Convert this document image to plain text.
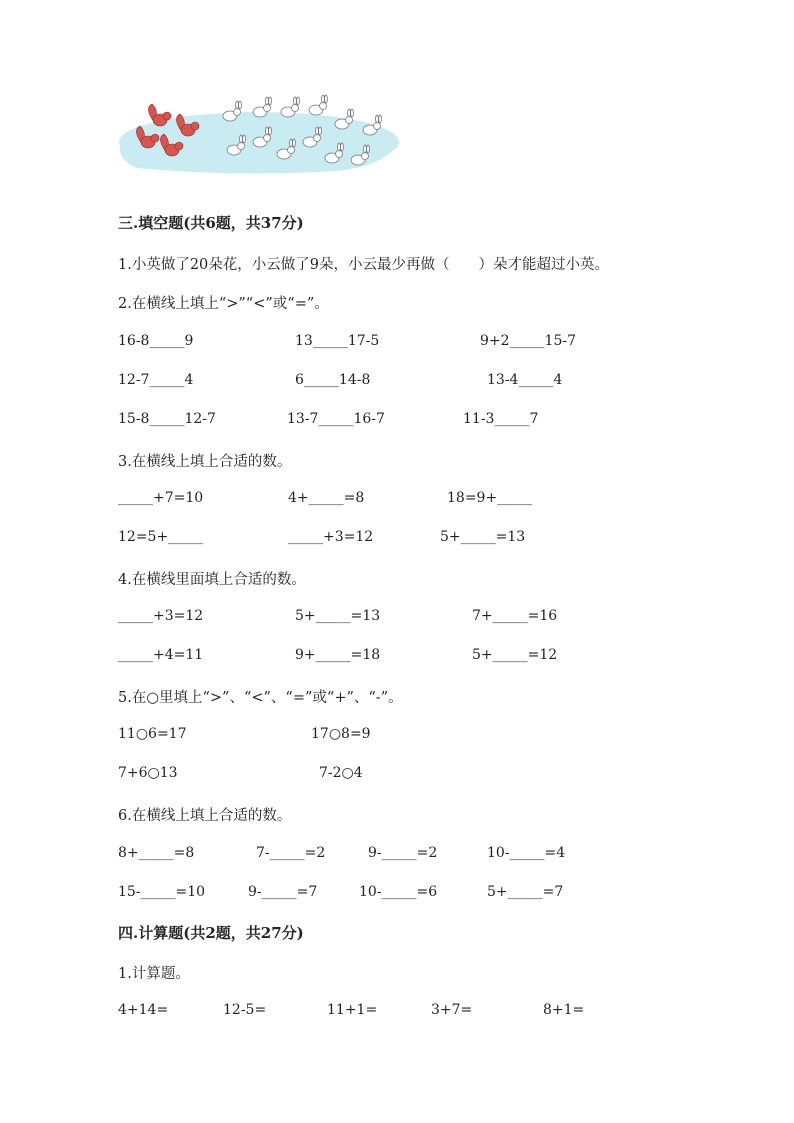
三.填空题(共6题，共37分)
1.小英做了20朵花，小云做了9朵，小云最少再做（　　）朵才能超过小英。
2.在横线上填上“>”“<”或“=”。
16-8_____9	13_____17-5	9+2_____15-7
12-7_____4	6_____14-8	13-4_____4
15-8_____12-7	13-7_____16-7	11-3_____7
3.在横线上填上合适的数。
_____+7=10	4+_____=8	18=9+_____
12=5+_____	_____+3=12	5+_____=13
4.在横线里面填上合适的数。
_____+3=12	5+_____=13	7+_____=16
_____+4=11	9+_____=18	5+_____=12
5.在○里填上“>”、“<”、“=”或“+”、“-”。
11○6=17	17○8=9
7+6○13	7-2○4
6.在横线上填上合适的数。
8+_____=8	7-_____=2	9-_____=2	10-_____=4
15-_____=10	9-_____=7	10-_____=6	5+_____=7
四.计算题(共2题，共27分)
1.计算题。
4+14=	12-5=	11+1=	3+7=	8+1=
